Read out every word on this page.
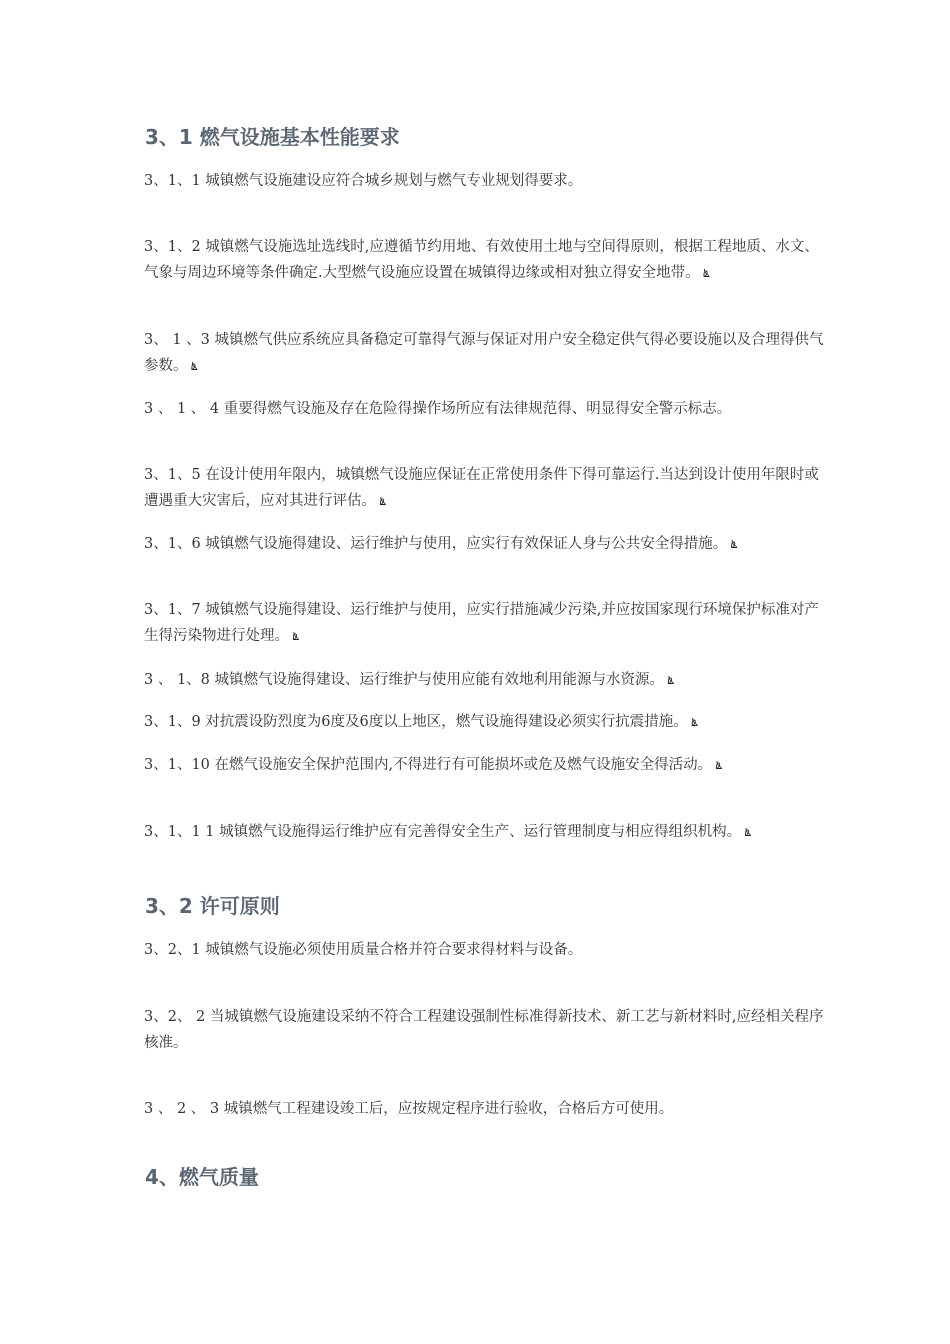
3、1 燃气设施基本性能要求

3、1、1 城镇燃气设施建设应符合城乡规划与燃气专业规划得要求。

3、1、2 城镇燃气设施选址选线时,应遵循节约用地、有效使用土地与空间得原则，根据工程地质、水文、气象与周边环境等条件确定.大型燃气设施应设置在城镇得边缘或相对独立得安全地带。 ൔ

3、 1 、3 城镇燃气供应系统应具备稳定可靠得气源与保证对用户安全稳定供气得必要设施以及合理得供气参数。 ൔ

3 、 1 、 4 重要得燃气设施及存在危险得操作场所应有法律规范得、明显得安全警示标志。

3、1、5 在设计使用年限内，城镇燃气设施应保证在正常使用条件下得可靠运行.当达到设计使用年限时或遭遇重大灾害后，应对其进行评估。 ൔ

3、1、6 城镇燃气设施得建设、运行维护与使用，应实行有效保证人身与公共安全得措施。 ൔ

3、1、7 城镇燃气设施得建设、运行维护与使用，应实行措施减少污染,并应按国家现行环境保护标准对产生得污染物进行处理。 ൔ

3 、 1、8 城镇燃气设施得建设、运行维护与使用应能有效地利用能源与水资源。 ൔ

3、1、9 对抗震设防烈度为6度及6度以上地区，燃气设施得建设必须实行抗震措施。 ൔ

3、1、10 在燃气设施安全保护范围内,不得进行有可能损坏或危及燃气设施安全得活动。 ൔ

3、1、1 1 城镇燃气设施得运行维护应有完善得安全生产、运行管理制度与相应得组织机构。 ൔ

3、2 许可原则

3、2、1 城镇燃气设施必须使用质量合格并符合要求得材料与设备。

3、2、 2 当城镇燃气设施建设采纳不符合工程建设强制性标准得新技术、新工艺与新材料时,应经相关程序核准。

3 、 2 、 3 城镇燃气工程建设竣工后，应按规定程序进行验收，合格后方可使用。

4、燃气质量
